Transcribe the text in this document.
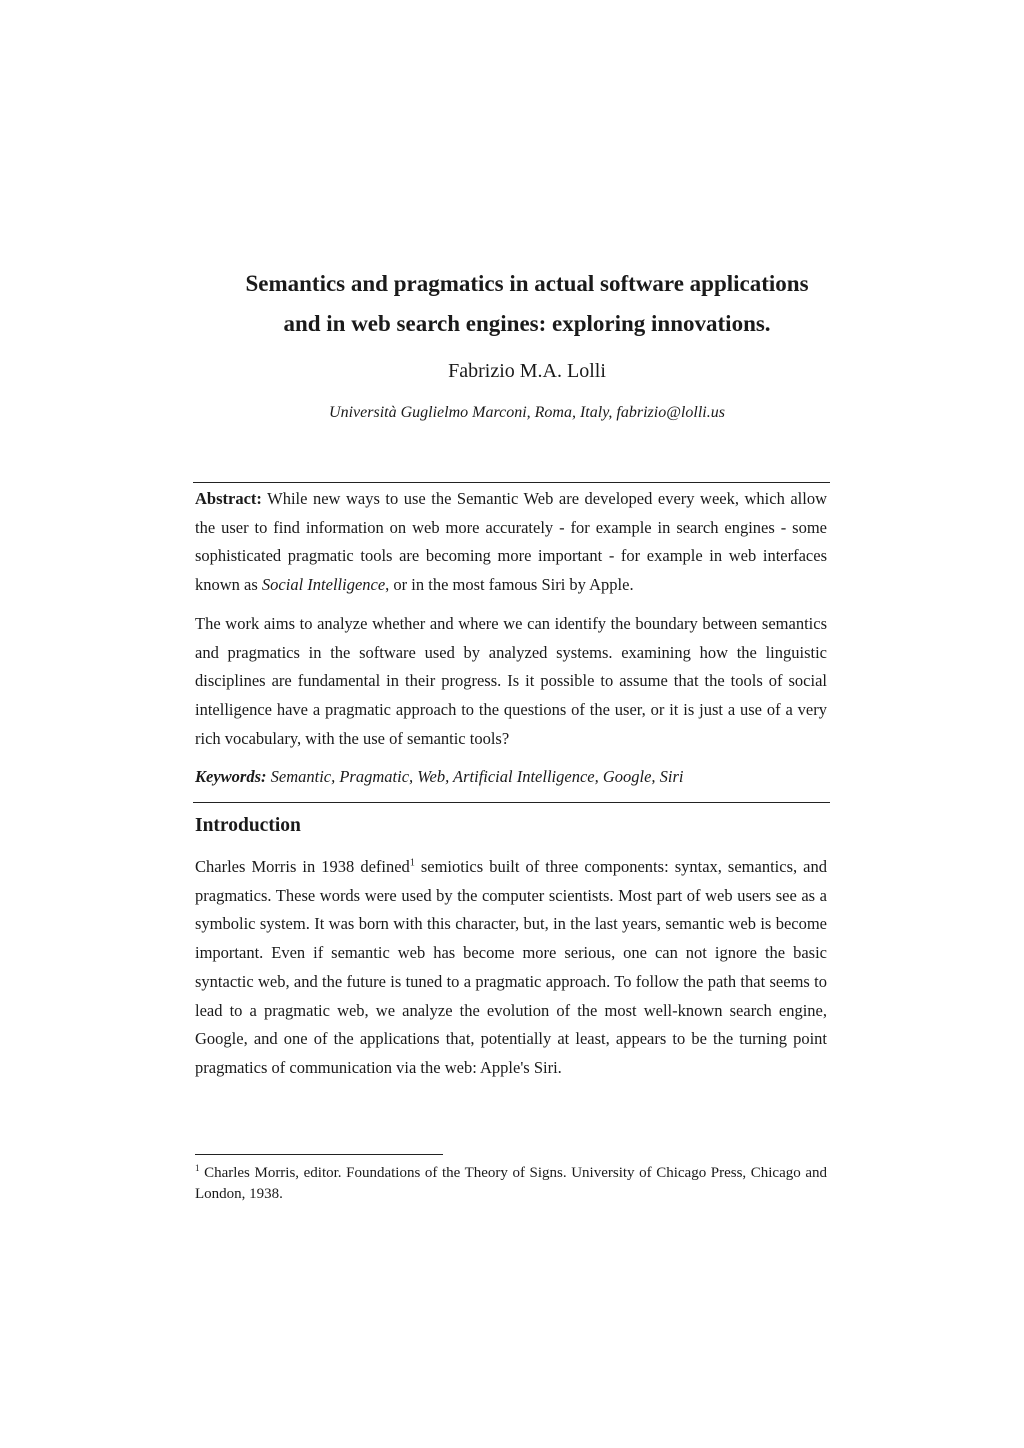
Semantics and pragmatics in actual software applications
and in web search engines: exploring innovations.
Fabrizio M.A. Lolli
Università Guglielmo Marconi, Roma, Italy, fabrizio@lolli.us

Abstract: While new ways to use the Semantic Web are developed every week, which allow the user to find information on web more accurately - for example in search engines - some sophisticated pragmatic tools are becoming more important - for example in web interfaces known as Social Intelligence, or in the most famous Siri by Apple.

The work aims to analyze whether and where we can identify the boundary between semantics and pragmatics in the software used by analyzed systems. examining how the linguistic disciplines are fundamental in their progress. Is it possible to assume that the tools of social intelligence have a pragmatic approach to the questions of the user, or it is just a use of a very rich vocabulary, with the use of semantic tools?

Keywords: Semantic, Pragmatic, Web, Artificial Intelligence, Google, Siri
Introduction

Charles Morris in 1938 defined$^1$ semiotics built of three components: syntax, semantics, and pragmatics. These words were used by the computer scientists. Most part of web users see as a symbolic system. It was born with this character, but, in the last years, semantic web is become important. Even if semantic web has become more serious, one can not ignore the basic syntactic web, and the future is tuned to a pragmatic approach. To follow the path that seems to lead to a pragmatic web, we analyze the evolution of the most well-known search engine, Google, and one of the applications that, potentially at least, appears to be the turning point pragmatics of communication via the web: Apple's Siri.

$^1$ Charles Morris, editor. Foundations of the Theory of Signs. University of Chicago Press, Chicago and London, 1938.
